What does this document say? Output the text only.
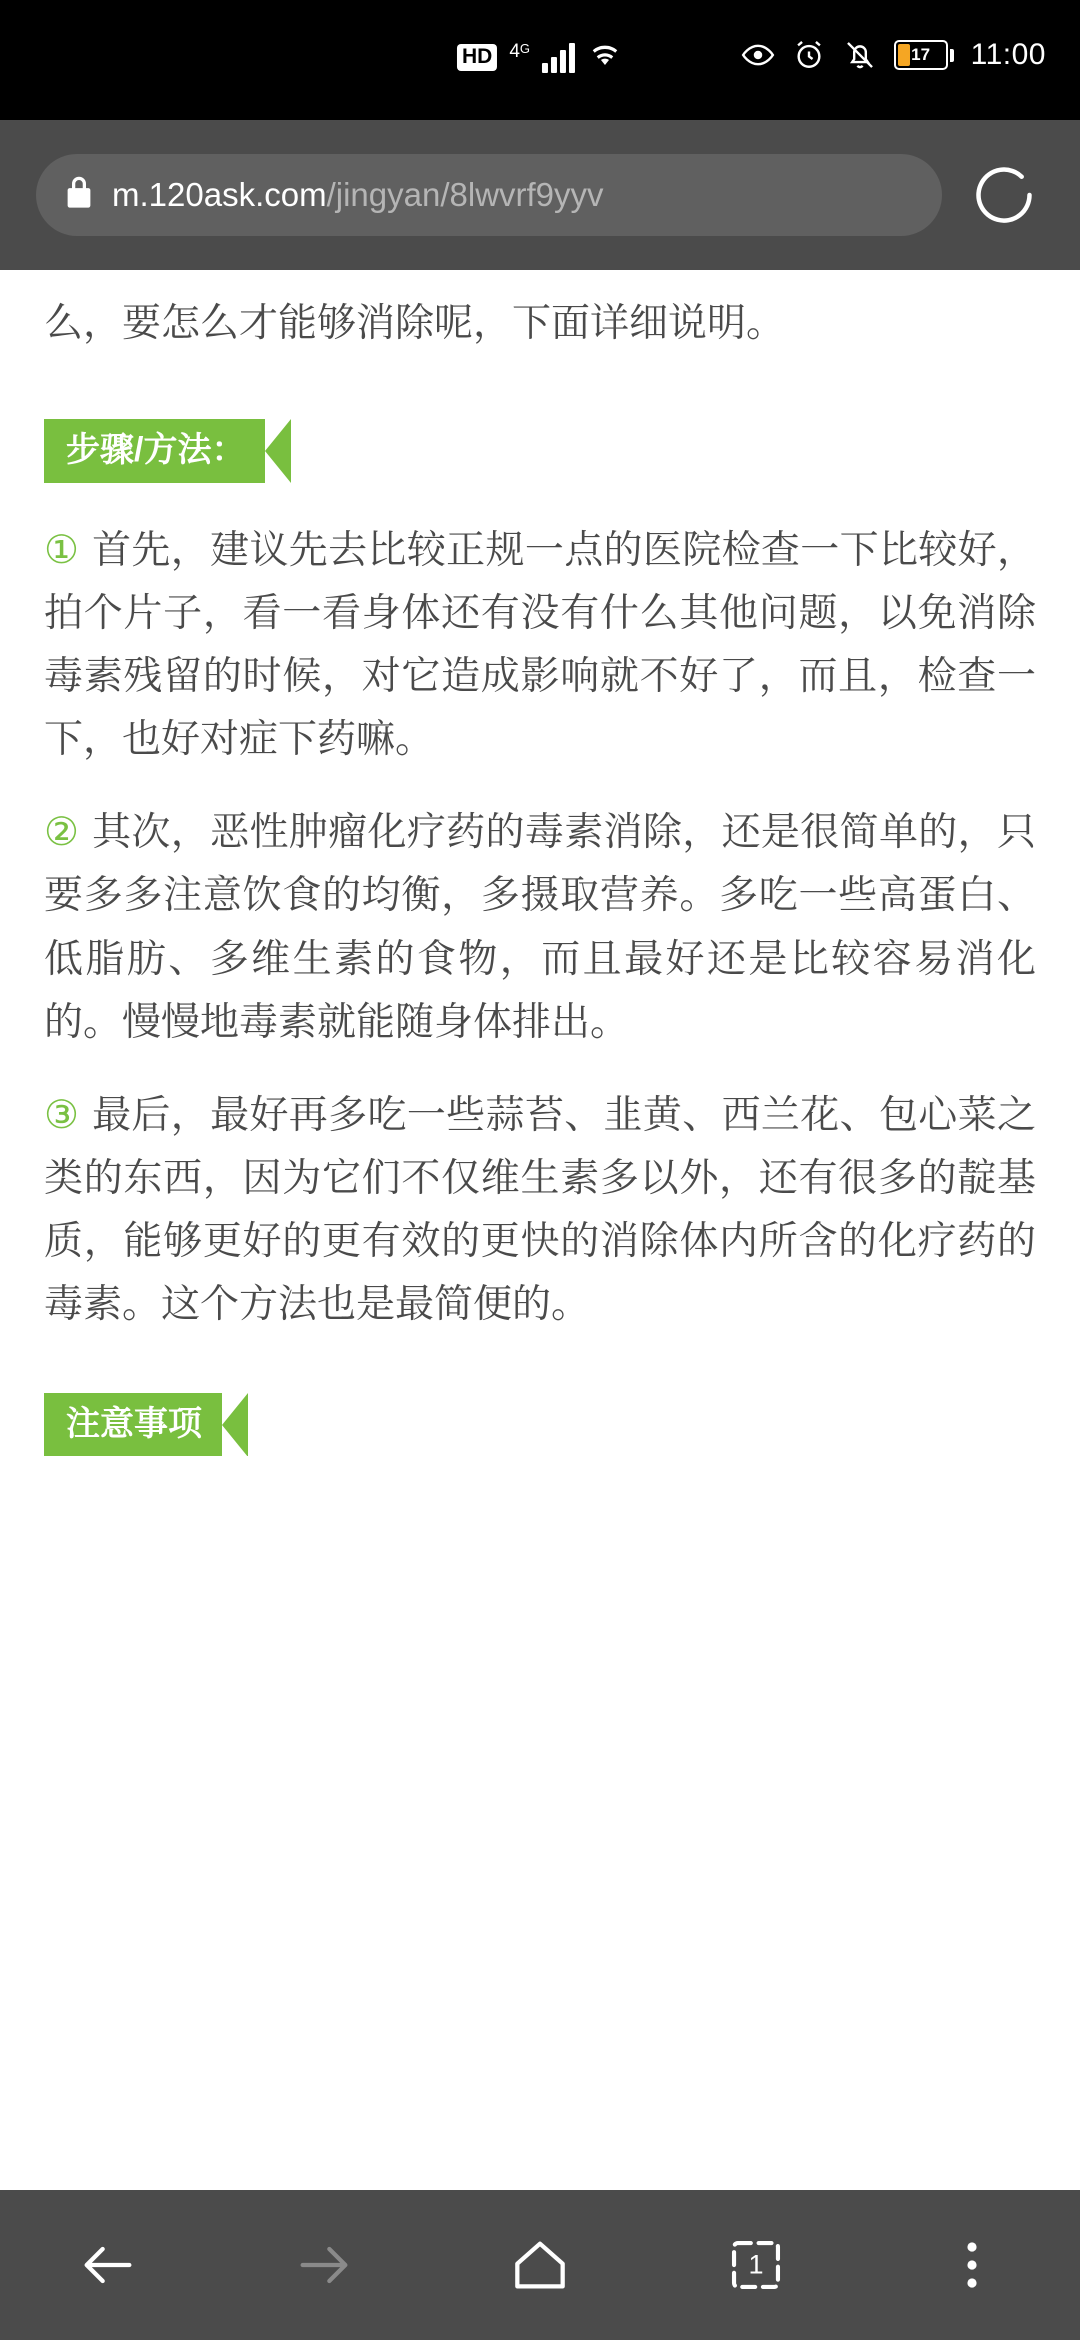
HD 4 G	17	11:00
m.120ask.com/jingyan/8lwvrf9yyv
么，要怎么才能够消除呢，下面详细说明。
步骤/方法：
① 首先，建议先去比较正规一点的医院检查一下比较好，拍个片子，看一看身体还有没有什么其他问题，以免消除毒素残留的时候，对它造成影响就不好了，而且，检查一下，也好对症下药嘛。
② 其次，恶性肿瘤化疗药的毒素消除，还是很简单的，只要多多注意饮食的均衡，多摄取营养。多吃一些高蛋白、低脂肪、多维生素的食物，而且最好还是比较容易消化的。慢慢地毒素就能随身体排出。
③ 最后，最好再多吃一些蒜苔、韭黄、西兰花、包心菜之类的东西，因为它们不仅维生素多以外，还有很多的靛基质，能够更好的更有效的更快的消除体内所含的化疗药的毒素。这个方法也是最简便的。
注意事项
1
